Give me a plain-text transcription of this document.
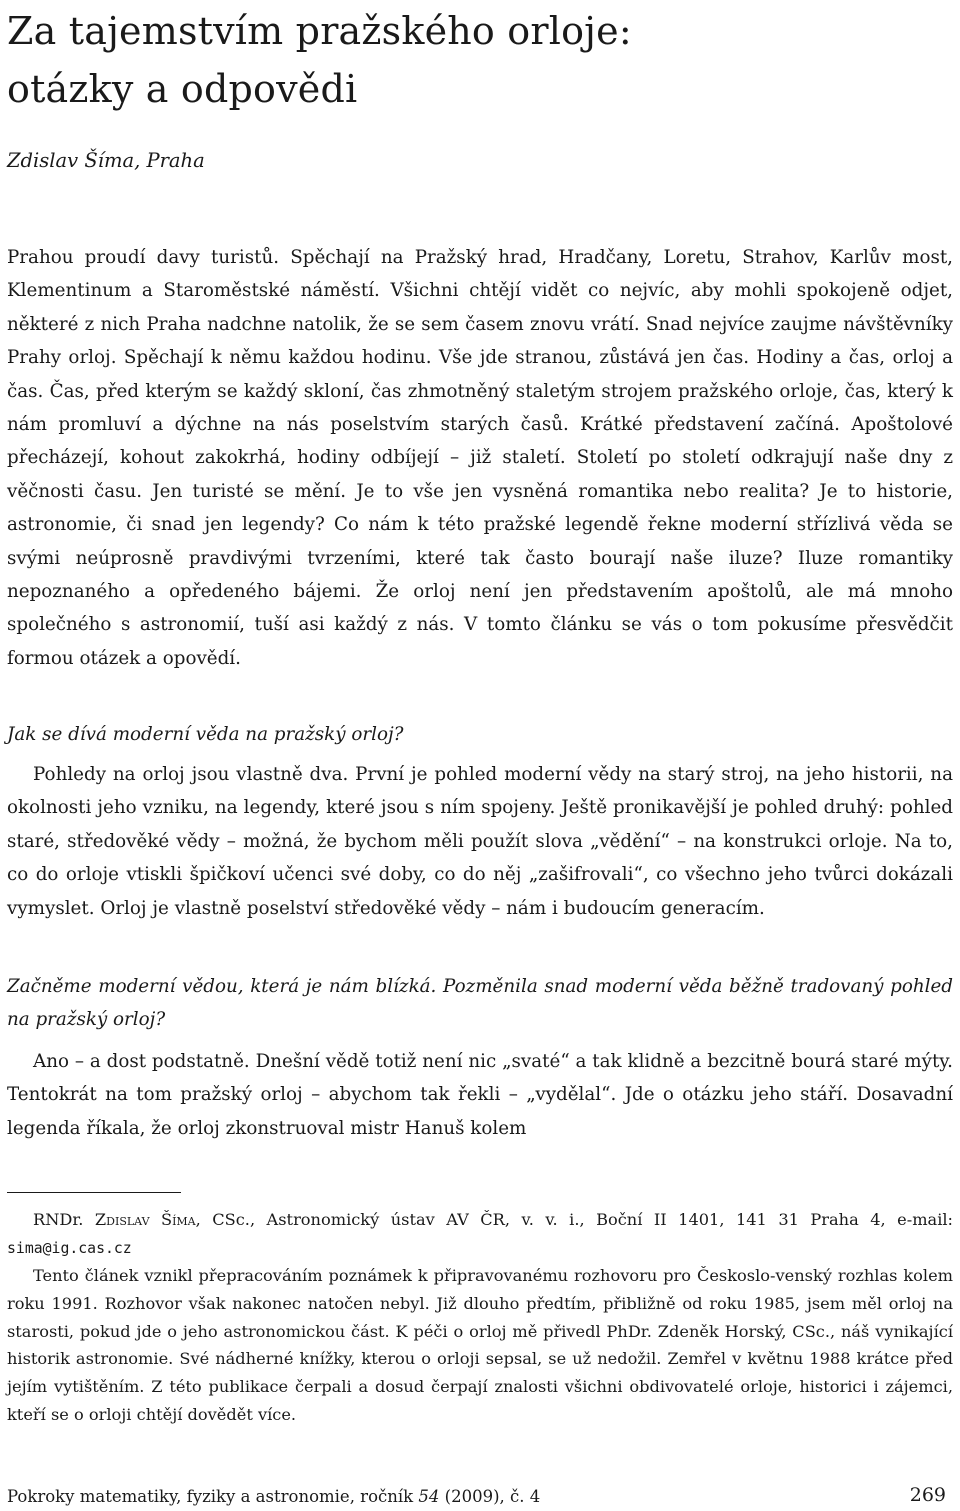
Za tajemstvím pražského orloje:
otázky a odpovědi

Zdislav Šíma, Praha

Prahou proudí davy turistů. Spěchají na Pražský hrad, Hradčany, Loretu, Strahov, Karlův most, Klementinum a Staroměstské náměstí. Všichni chtějí vidět co nejvíc, aby mohli spokojeně odjet, některé z nich Praha nadchne natolik, že se sem časem znovu vrátí. Snad nejvíce zaujme návštěvníky Prahy orloj. Spěchají k němu každou hodinu. Vše jde stranou, zůstává jen čas. Hodiny a čas, orloj a čas. Čas, před kterým se každý skloní, čas zhmotněný staletým strojem pražského orloje, čas, který k nám promluví a dýchne na nás poselstvím starých časů. Krátké představení začíná. Apoštolové přecházejí, kohout zakokrhá, hodiny odbíjejí – již staletí. Století po století odkrajují naše dny z věčnosti času. Jen turisté se mění. Je to vše jen vysněná romantika nebo realita? Je to historie, astronomie, či snad jen legendy? Co nám k této pražské legendě řekne moderní střízlivá věda se svými neúprosně pravdivými tvrzeními, které tak často bourají naše iluze? Iluze romantiky nepoznaného a opředeného bájemi. Že orloj není jen představením apoštolů, ale má mnoho společného s astronomií, tuší asi každý z nás. V tomto článku se vás o tom pokusíme přesvědčit formou otázek a opovědí.

Jak se dívá moderní věda na pražský orloj?

Pohledy na orloj jsou vlastně dva. První je pohled moderní vědy na starý stroj, na jeho historii, na okolnosti jeho vzniku, na legendy, které jsou s ním spojeny. Ještě pronikavější je pohled druhý: pohled staré, středověké vědy – možná, že bychom měli použít slova „vědění“ – na konstrukci orloje. Na to, co do orloje vtiskli špičkoví učenci své doby, co do něj „zašifrovali“, co všechno jeho tvůrci dokázali vymyslet. Orloj je vlastně poselství středověké vědy – nám i budoucím generacím.

Začněme moderní vědou, která je nám blízká. Pozměnila snad moderní věda běžně tradovaný pohled na pražský orloj?

Ano – a dost podstatně. Dnešní vědě totiž není nic „svaté“ a tak klidně a bezcitně bourá staré mýty. Tentokrát na tom pražský orloj – abychom tak řekli – „vydělal“. Jde o otázku jeho stáří. Dosavadní legenda říkala, že orloj zkonstruoval mistr Hanuš kolem

RNDr. Zdislav Šíma, CSc., Astronomický ústav AV ČR, v. v. i., Boční II 1401, 141 31 Praha 4, e-mail: sima@ig.cas.cz

Tento článek vznikl přepracováním poznámek k připravovanému rozhovoru pro Českoslo-venský rozhlas kolem roku 1991. Rozhovor však nakonec natočen nebyl. Již dlouho předtím, přibližně od roku 1985, jsem měl orloj na starosti, pokud jde o jeho astronomickou část. K péči o orloj mě přivedl PhDr. Zdeněk Horský, CSc., náš vynikající historik astronomie. Své nádherné knížky, kterou o orloji sepsal, se už nedožil. Zemřel v květnu 1988 krátce před jejím vytištěním. Z této publikace čerpali a dosud čerpají znalosti všichni obdivovatelé orloje, historici i zájemci, kteří se o orloji chtějí dovědět více.

Pokroky matematiky, fyziky a astronomie, ročník 54 (2009), č. 4	269
